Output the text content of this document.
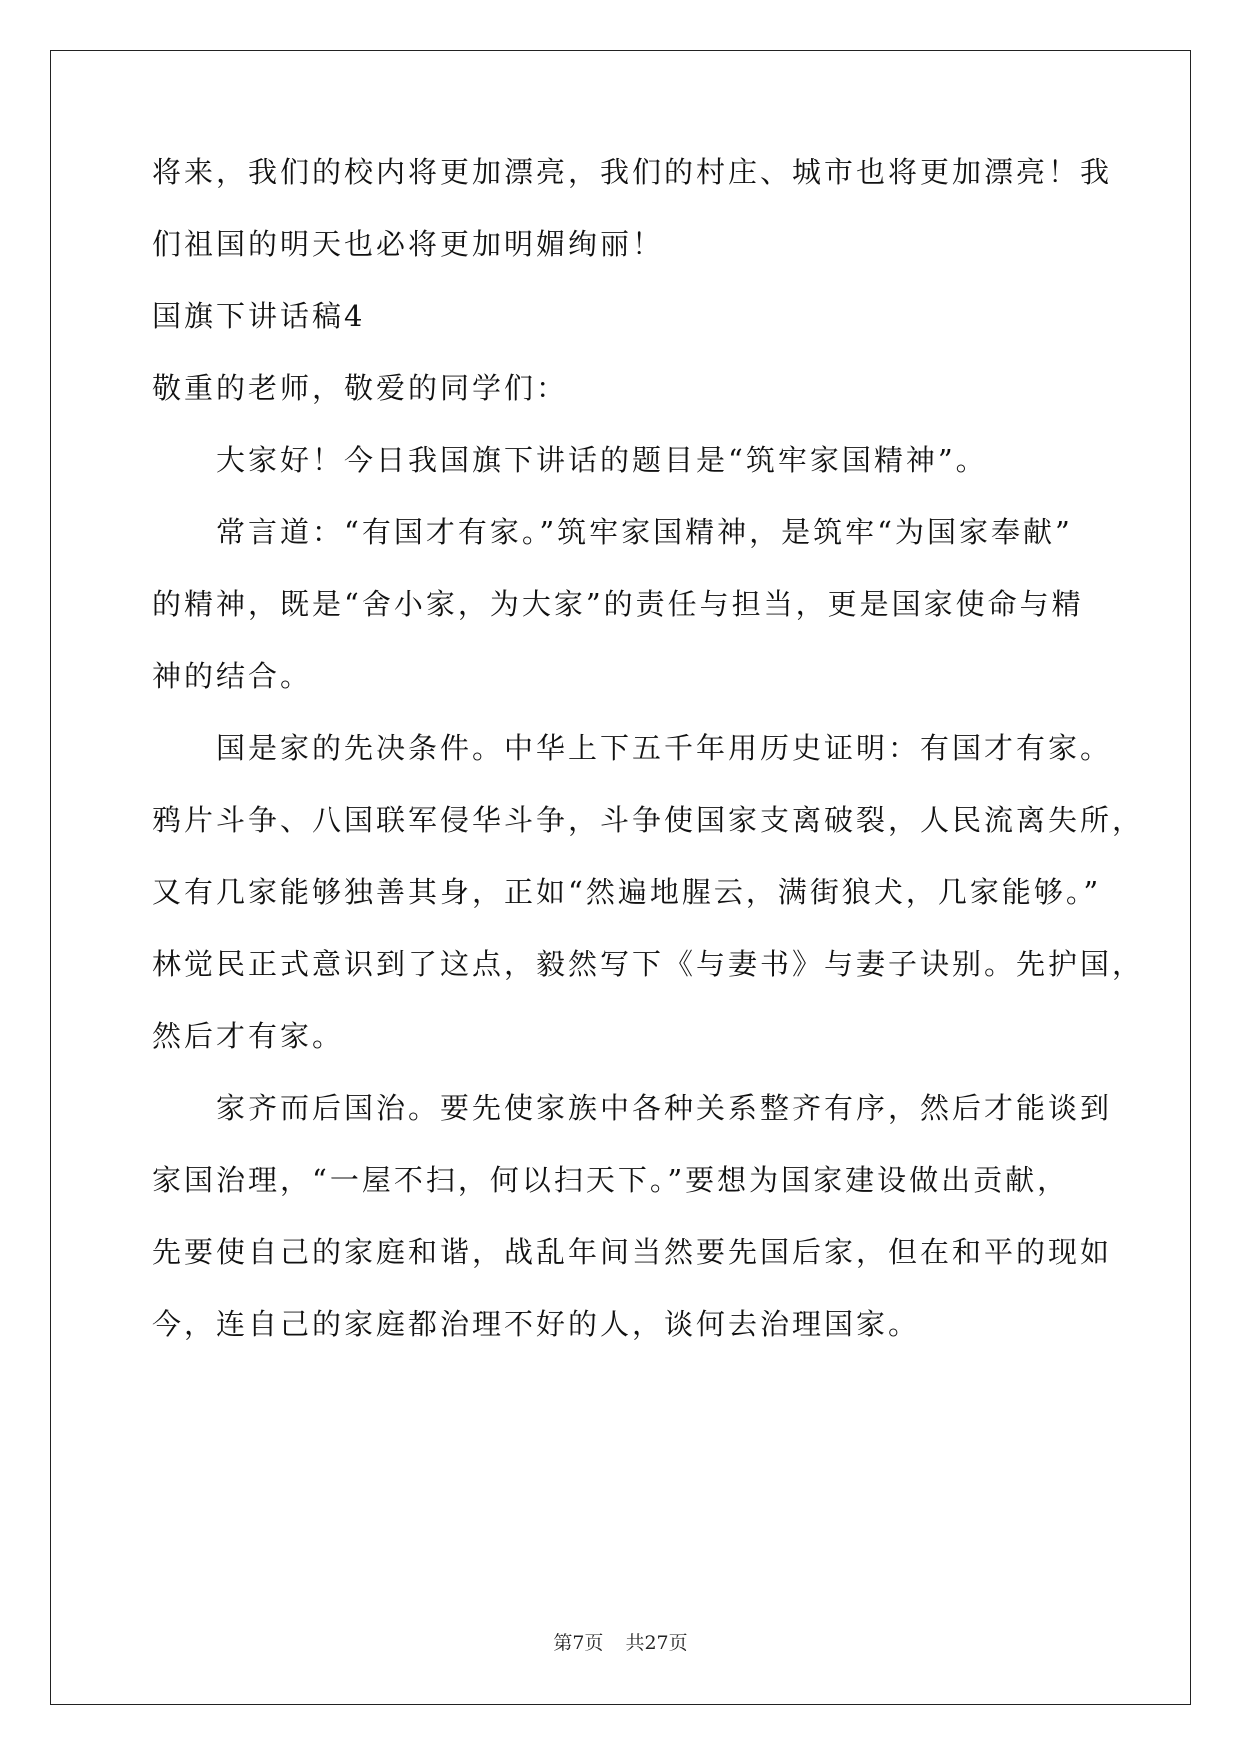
将来，我们的校内将更加漂亮，我们的村庄、城市也将更加漂亮！我
们祖国的明天也必将更加明媚绚丽！
国旗下讲话稿4
敬重的老师，敬爱的同学们：
大家好！今日我国旗下讲话的题目是“筑牢家国精神”。
常言道：“有国才有家。”筑牢家国精神，是筑牢“为国家奉献”
的精神，既是“舍小家，为大家”的责任与担当，更是国家使命与精
神的结合。
国是家的先决条件。中华上下五千年用历史证明：有国才有家。
鸦片斗争、八国联军侵华斗争，斗争使国家支离破裂，人民流离失所，
又有几家能够独善其身，正如“然遍地腥云，满街狼犬，几家能够。”
林觉民正式意识到了这点，毅然写下《与妻书》与妻子诀别。先护国，
然后才有家。
家齐而后国治。要先使家族中各种关系整齐有序，然后才能谈到
家国治理，“一屋不扫，何以扫天下。”要想为国家建设做出贡献，
先要使自己的家庭和谐，战乱年间当然要先国后家，但在和平的现如
今，连自己的家庭都治理不好的人，谈何去治理国家。
第7页 共27页
